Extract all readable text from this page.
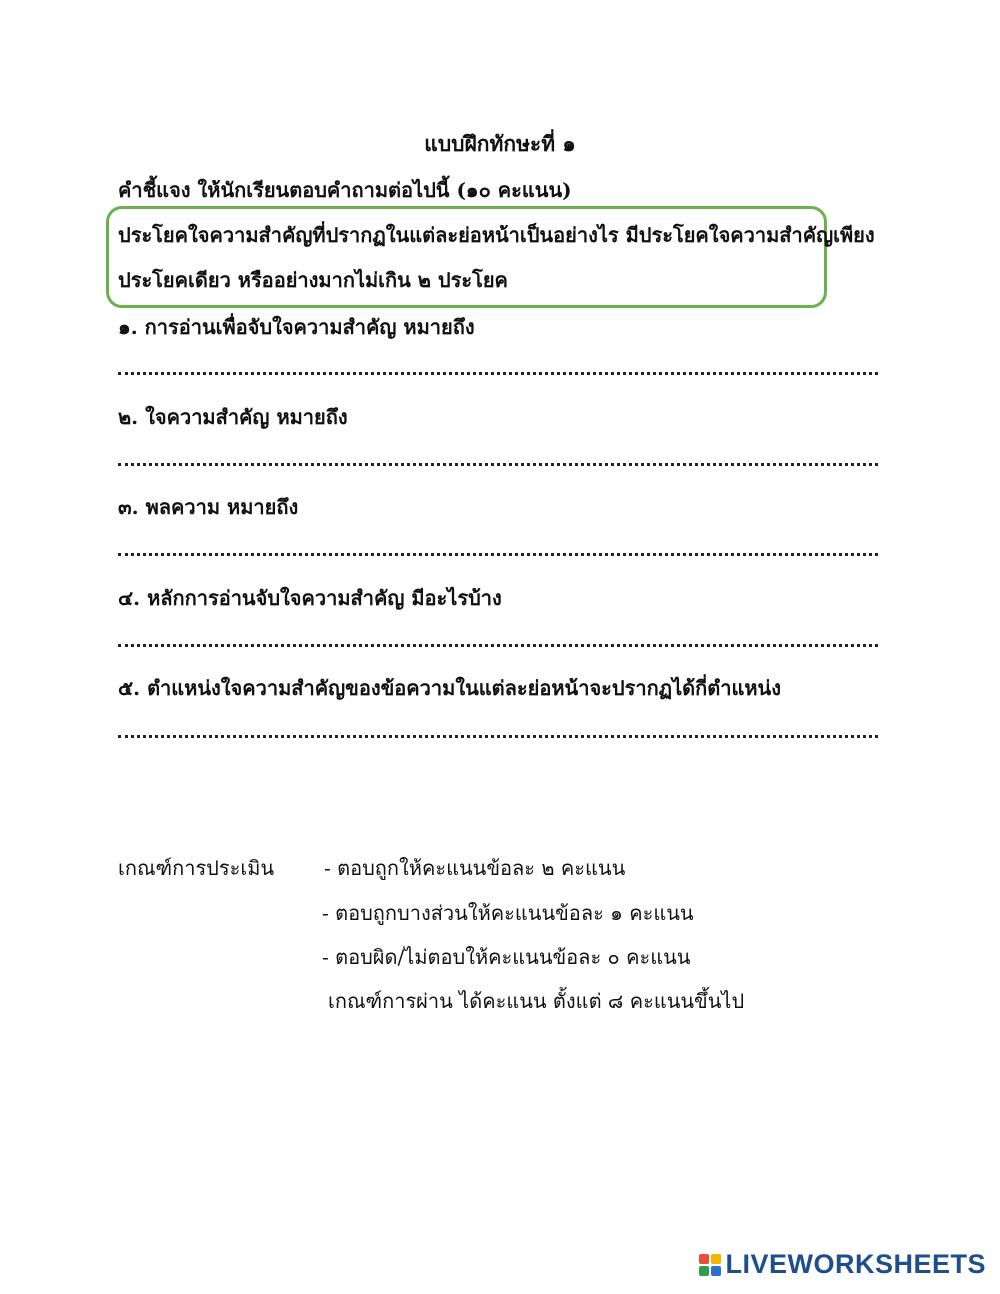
แบบฝึกทักษะที่ ๑
คำชี้แจง ให้นักเรียนตอบคำถามต่อไปนี้ (๑๐ คะแนน)
ประโยคใจความสำคัญที่ปรากฏในแต่ละย่อหน้าเป็นอย่างไร มีประโยคใจความสำคัญเพียง
ประโยคเดียว หรืออย่างมากไม่เกิน ๒ ประโยค
๑. การอ่านเพื่อจับใจความสำคัญ หมายถึง
๒. ใจความสำคัญ หมายถึง
๓. พลความ หมายถึง
๔. หลักการอ่านจับใจความสำคัญ มีอะไรบ้าง
๕. ตำแหน่งใจความสำคัญของข้อความในแต่ละย่อหน้าจะปรากฏได้กี่ตำแหน่ง
เกณฑ์การประเมิน - ตอบถูกให้คะแนนข้อละ ๒ คะแนน
- ตอบถูกบางส่วนให้คะแนนข้อละ ๑ คะแนน
- ตอบผิด/ไม่ตอบให้คะแนนข้อละ ๐ คะแนน
เกณฑ์การผ่าน ได้คะแนน ตั้งแต่ ๘ คะแนนขึ้นไป
LIVEWORKSHEETS
